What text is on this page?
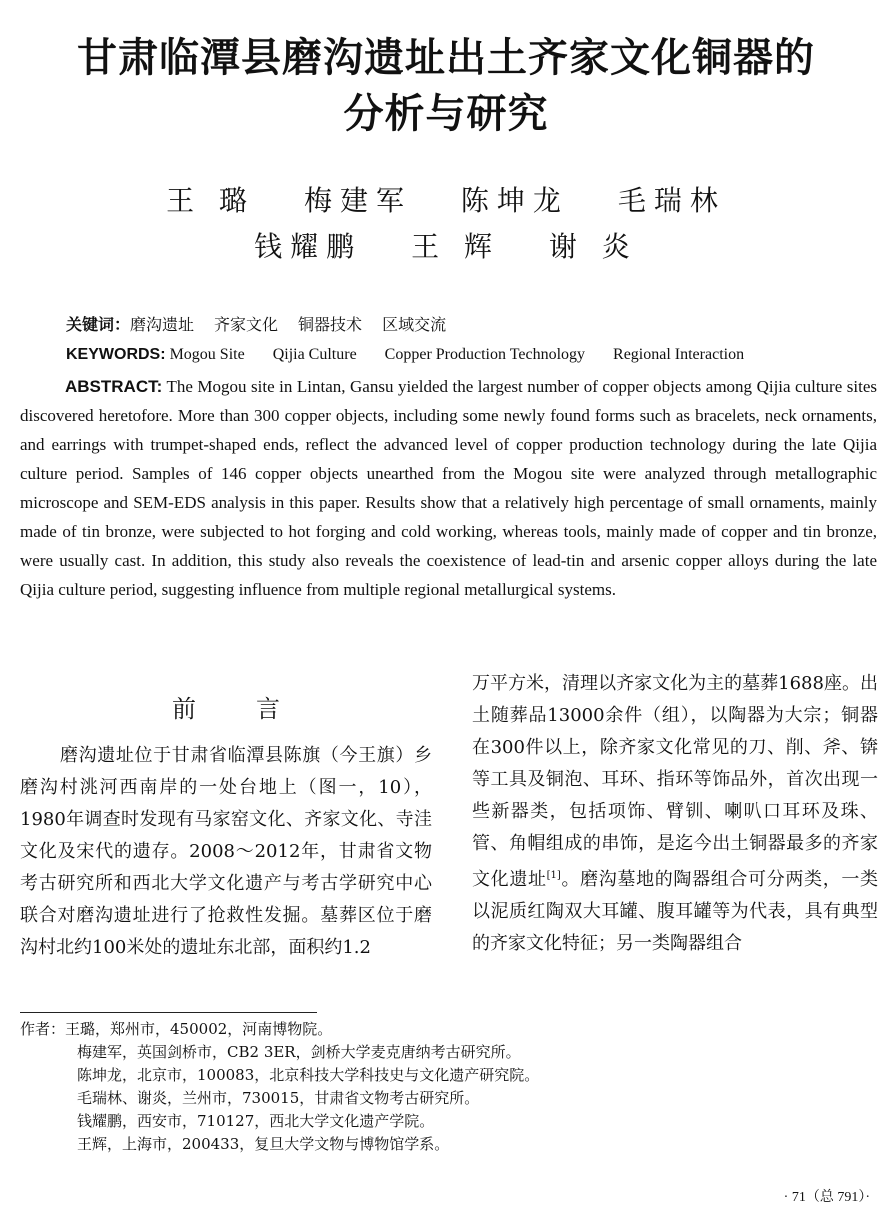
甘肃临潭县磨沟遗址出土齐家文化铜器的
分析与研究
王 璐 梅建军 陈坤龙 毛瑞林
钱耀鹏 王 辉 谢 炎
关键词：磨沟遗址 齐家文化 铜器技术 区域交流
KEYWORDS: Mogou Site Qijia Culture Copper Production Technology Regional Interaction

ABSTRACT: The Mogou site in Lintan, Gansu yielded the largest number of copper objects among Qijia culture sites discovered heretofore. More than 300 copper objects, including some newly found forms such as bracelets, neck ornaments, and earrings with trumpet-shaped ends, reflect the advanced level of copper production technology during the late Qijia culture period. Samples of 146 copper objects unearthed from the Mogou site were analyzed through metallographic microscope and SEM-EDS analysis in this paper. Results show that a relatively high percentage of small ornaments, mainly made of tin bronze, were subjected to hot forging and cold working, whereas tools, mainly made of copper and tin bronze, were usually cast. In addition, this study also reveals the coexistence of lead-tin and arsenic copper alloys during the late Qijia culture period, suggesting influence from multiple regional metallurgical systems.

前言

磨沟遗址位于甘肃省临潭县陈旗（今王旗）乡磨沟村洮河西南岸的一处台地上（图一，10），1980年调查时发现有马家窑文化、齐家文化、寺洼文化及宋代的遗存。2008～2012年，甘肃省文物考古研究所和西北大学文化遗产与考古学研究中心联合对磨沟遗址进行了抢救性发掘。墓葬区位于磨沟村北约100米处的遗址东北部，面积约1.2

万平方米，清理以齐家文化为主的墓葬1688座。出土随葬品13000余件（组），以陶器为大宗；铜器在300件以上，除齐家文化常见的刀、削、斧、锛等工具及铜泡、耳环、指环等饰品外，首次出现一些新器类，包括项饰、臂钏、喇叭口耳环及珠、管、角帽组成的串饰，是迄今出土铜器最多的齐家文化遗址[1]。磨沟墓地的陶器组合可分两类，一类以泥质红陶双大耳罐、腹耳罐等为代表，具有典型的齐家文化特征；另一类陶器组合

作者：王璐，郑州市，450002，河南博物院。
梅建军，英国剑桥市，CB2 3ER，剑桥大学麦克唐纳考古研究所。
陈坤龙，北京市，100083，北京科技大学科技史与文化遗产研究院。
毛瑞林、谢炎，兰州市，730015，甘肃省文物考古研究所。
钱耀鹏，西安市，710127，西北大学文化遗产学院。
王辉，上海市，200433，复旦大学文物与博物馆学系。
· 71（总 791）·
